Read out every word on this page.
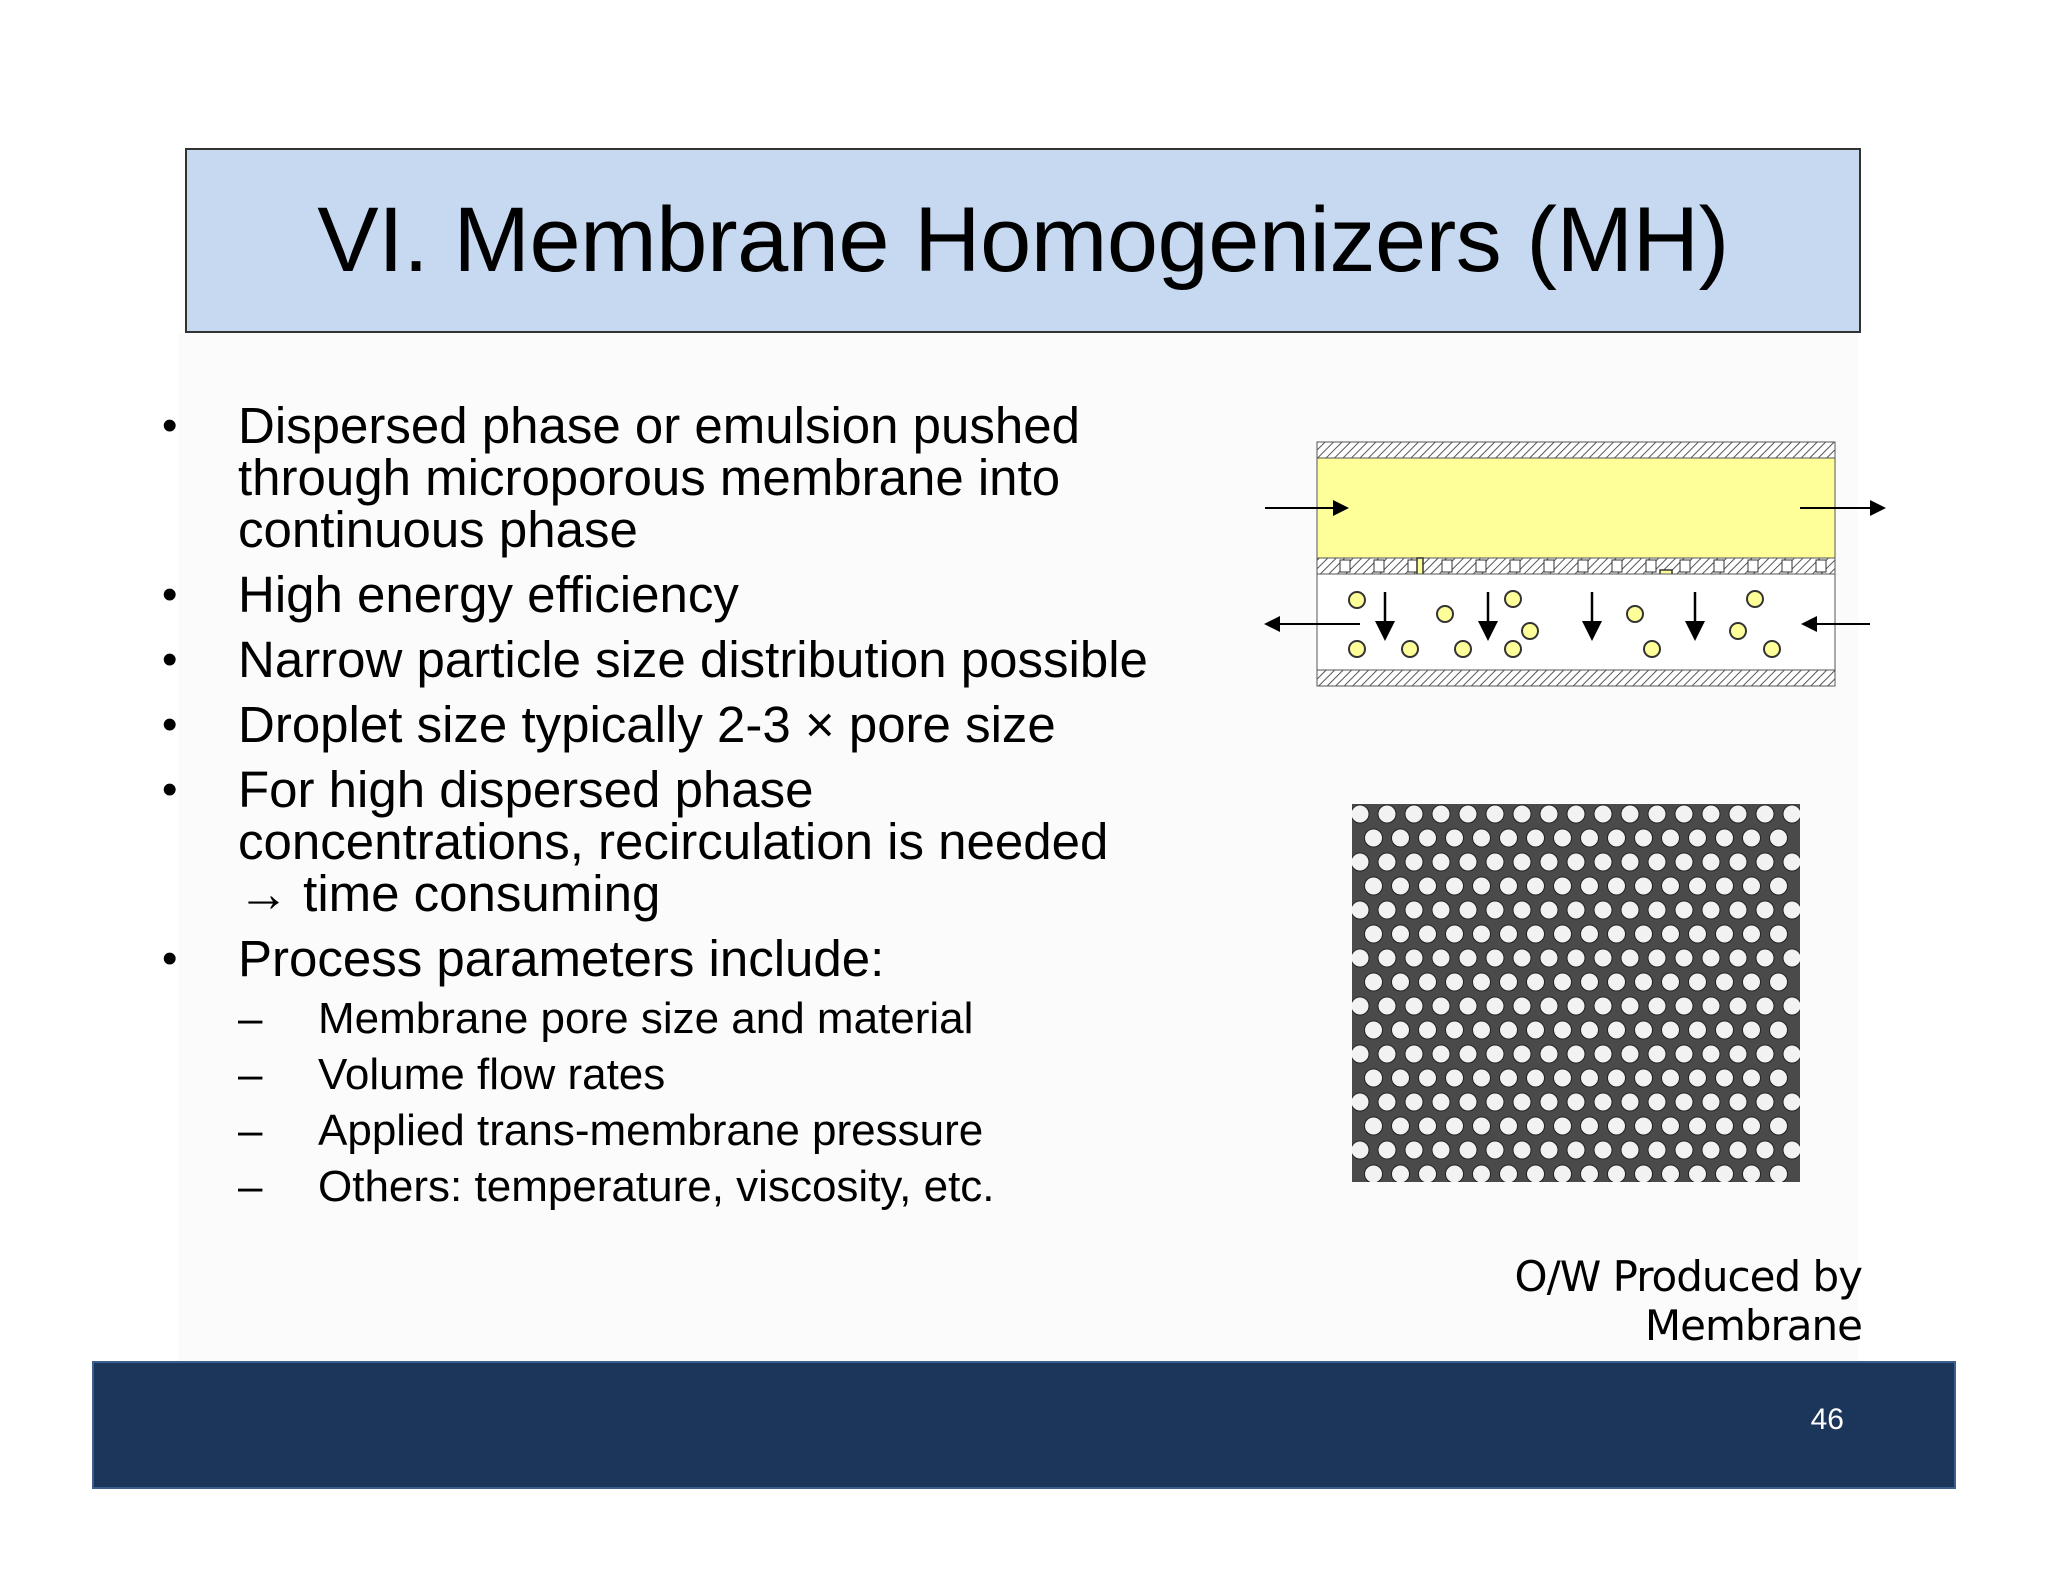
VI. Membrane Homogenizers (MH)
• Dispersed phase or emulsion pushed
through microporous membrane into
continuous phase
• High energy efficiency
• Narrow particle size distribution possible
• Droplet size typically 2-3 × pore size
• For high dispersed phase
concentrations, recirculation is needed
→ time consuming
• Process parameters include:
– Membrane pore size and material
– Volume flow rates
– Applied trans-membrane pressure
– Others: temperature, viscosity, etc.
O/W Produced by Membrane
46
